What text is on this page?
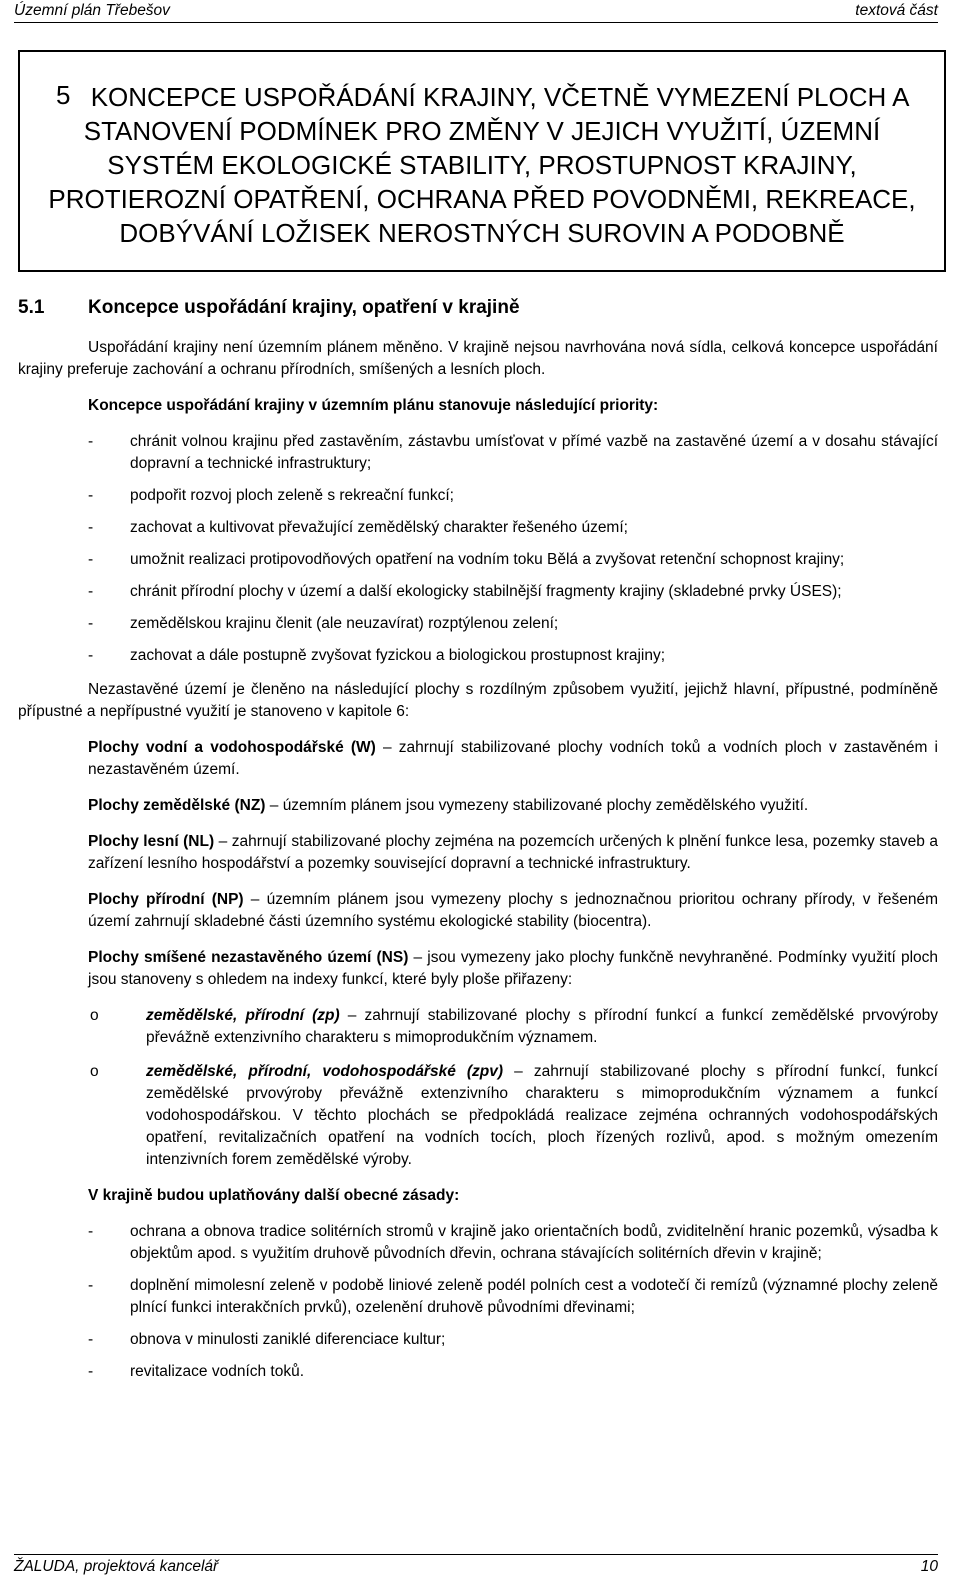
Územní plán Třebešov	textová část
5 KONCEPCE USPOŘÁDÁNÍ KRAJINY, VČETNĚ VYMEZENÍ PLOCH A STANOVENÍ PODMÍNEK PRO ZMĚNY V JEJICH VYUŽITÍ, ÚZEMNÍ SYSTÉM EKOLOGICKÉ STABILITY, PROSTUPNOST KRAJINY, PROTIEROZNÍ OPATŘENÍ, OCHRANA PŘED POVODNĚMI, REKREACE, DOBÝVÁNÍ LOŽISEK NEROSTNÝCH SUROVIN A PODOBNĚ
5.1 Koncepce uspořádání krajiny, opatření v krajině

Uspořádání krajiny není územním plánem měněno. V krajině nejsou navrhována nová sídla, celková koncepce uspořádání krajiny preferuje zachování a ochranu přírodních, smíšených a lesních ploch.

Koncepce uspořádání krajiny v územním plánu stanovuje následující priority:

- chránit volnou krajinu před zastavěním, zástavbu umísťovat v přímé vazbě na zastavěné území a v dosahu stávající dopravní a technické infrastruktury;
- podpořit rozvoj ploch zeleně s rekreační funkcí;
- zachovat a kultivovat převažující zemědělský charakter řešeného území;
- umožnit realizaci protipovodňových opatření na vodním toku Bělá a zvyšovat retenční schopnost krajiny;
- chránit přírodní plochy v území a další ekologicky stabilnější fragmenty krajiny (skladebné prvky ÚSES);
- zemědělskou krajinu členit (ale neuzavírat) rozptýlenou zelení;
- zachovat a dále postupně zvyšovat fyzickou a biologickou prostupnost krajiny;

Nezastavěné území je členěno na následující plochy s rozdílným způsobem využití, jejichž hlavní, přípustné, podmíněně přípustné a nepřípustné využití je stanoveno v kapitole 6:

Plochy vodní a vodohospodářské (W) – zahrnují stabilizované plochy vodních toků a vodních ploch v zastavěném i nezastavěném území.

Plochy zemědělské (NZ) – územním plánem jsou vymezeny stabilizované plochy zemědělského využití.

Plochy lesní (NL) – zahrnují stabilizované plochy zejména na pozemcích určených k plnění funkce lesa, pozemky staveb a zařízení lesního hospodářství a pozemky související dopravní a technické infrastruktury.

Plochy přírodní (NP) – územním plánem jsou vymezeny plochy s jednoznačnou prioritou ochrany přírody, v řešeném území zahrnují skladebné části územního systému ekologické stability (biocentra).

Plochy smíšené nezastavěného území (NS) – jsou vymezeny jako plochy funkčně nevyhraněné. Podmínky využití ploch jsou stanoveny s ohledem na indexy funkcí, které byly ploše přiřazeny:

o	zemědělské, přírodní (zp) – zahrnují stabilizované plochy s přírodní funkcí a funkcí zemědělské prvovýroby převážně extenzivního charakteru s mimoprodukčním významem.
o	zemědělské, přírodní, vodohospodářské (zpv) – zahrnují stabilizované plochy s přírodní funkcí, funkcí zemědělské prvovýroby převážně extenzivního charakteru s mimoprodukčním významem a funkcí vodohospodářskou. V těchto plochách se předpokládá realizace zejména ochranných vodohospodářských opatření, revitalizačních opatření na vodních tocích, ploch řízených rozlivů, apod. s možným omezením intenzivních forem zemědělské výroby.

V krajině budou uplatňovány další obecné zásady:

- ochrana a obnova tradice solitérních stromů v krajině jako orientačních bodů, zviditelnění hranic pozemků, výsadba k objektům apod. s využitím druhově původních dřevin, ochrana stávajících solitérních dřevin v krajině;
- doplnění mimolesní zeleně v podobě liniové zeleně podél polních cest a vodotečí či remízů (významné plochy zeleně plnící funkci interakčních prvků), ozelenění druhově původními dřevinami;
- obnova v minulosti zaniklé diferenciace kultur;
- revitalizace vodních toků.
ŽALUDA, projektová kancelář	10
